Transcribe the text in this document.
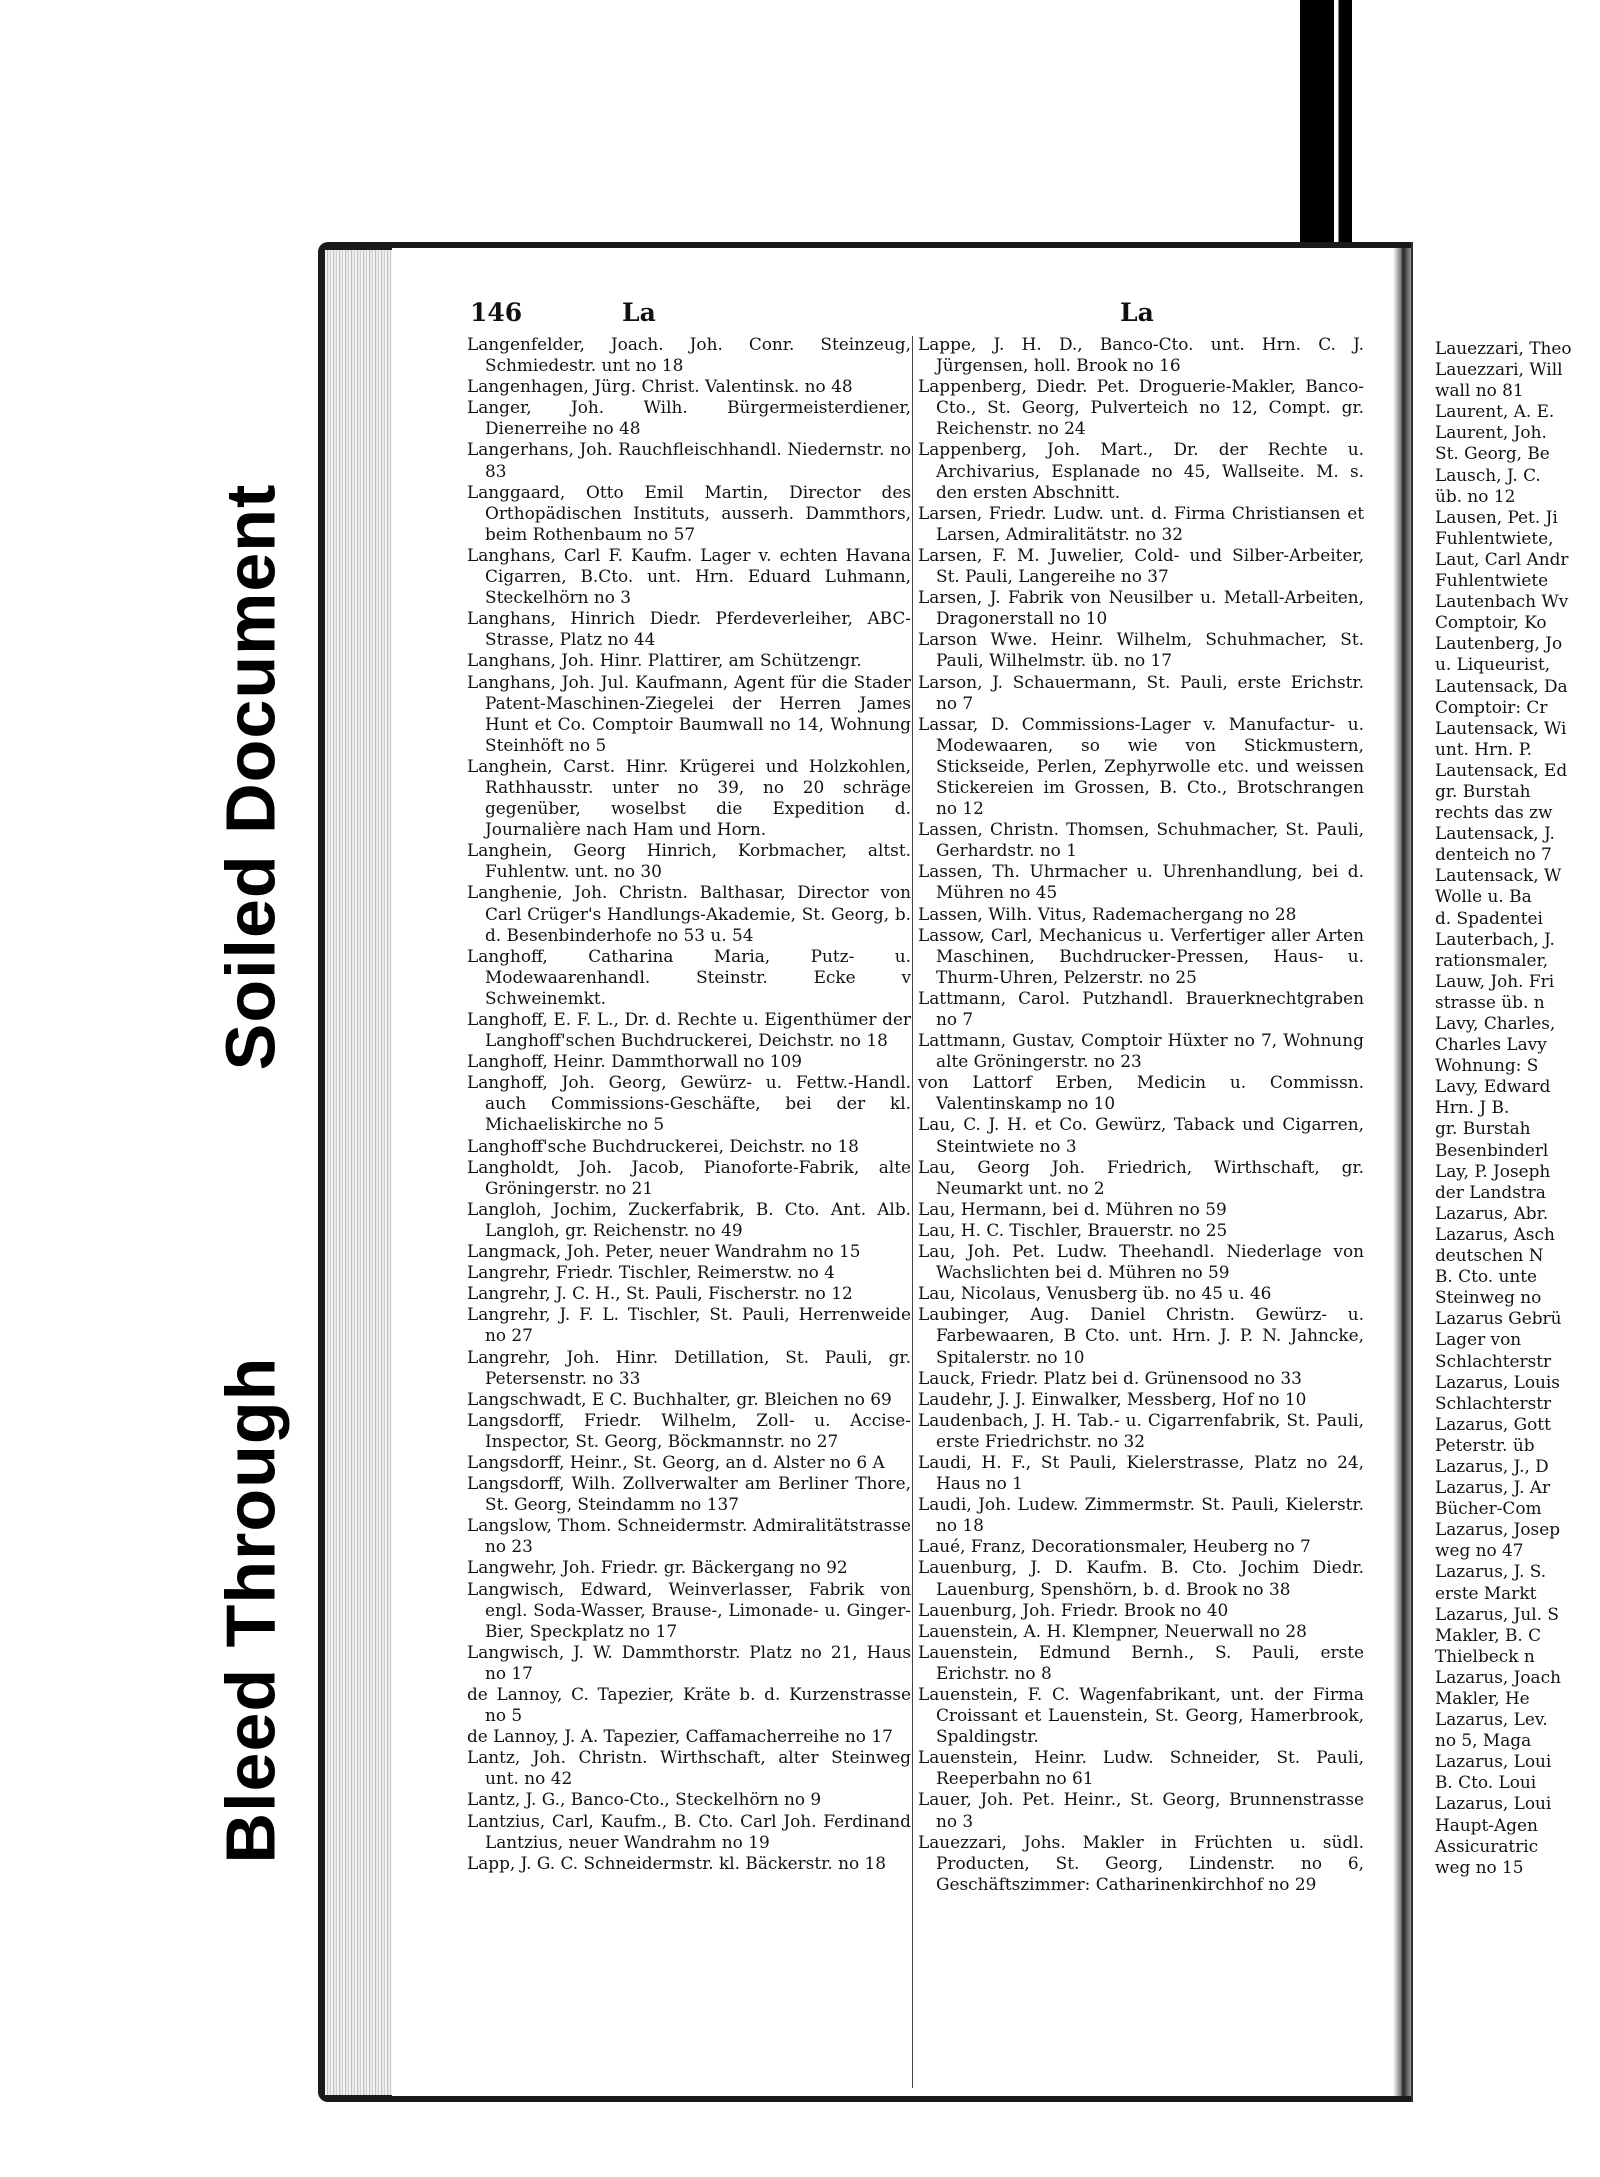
Soiled Document
Bleed Through
146	La	La

Langenfelder, Joach. Joh. Conr. Steinzeug, Schmiedestr. unt no 18

Langenhagen, Jürg. Christ. Valentinsk. no 48

Langer, Joh. Wilh. Bürgermeisterdiener, Dienerreihe no 48

Langerhans, Joh. Rauchfleischhandl. Niedernstr. no 83

Langgaard, Otto Emil Martin, Director des Orthopädischen Instituts, ausserh. Dammthors, beim Rothenbaum no 57

Langhans, Carl F. Kaufm. Lager v. echten Havana Cigarren, B.Cto. unt. Hrn. Eduard Luhmann, Steckelhörn no 3

Langhans, Hinrich Diedr. Pferdeverleiher, ABC-Strasse, Platz no 44

Langhans, Joh. Hinr. Plattirer, am Schützengr.

Langhans, Joh. Jul. Kaufmann, Agent für die Stader Patent-Maschinen-Ziegelei der Herren James Hunt et Co. Comptoir Baumwall no 14, Wohnung Steinhöft no 5

Langhein, Carst. Hinr. Krügerei und Holzkohlen, Rathhausstr. unter no 39, no 20 schräge gegenüber, woselbst die Expedition d. Journalière nach Ham und Horn.

Langhein, Georg Hinrich, Korbmacher, altst. Fuhlentw. unt. no 30

Langhenie, Joh. Christn. Balthasar, Director von Carl Crüger's Handlungs-Akademie, St. Georg, b. d. Besenbinderhofe no 53 u. 54

Langhoff, Catharina Maria, Putz- u. Modewaarenhandl. Steinstr. Ecke v Schweinemkt.

Langhoff, E. F. L., Dr. d. Rechte u. Eigenthümer der Langhoff'schen Buchdruckerei, Deichstr. no 18

Langhoff, Heinr. Dammthorwall no 109

Langhoff, Joh. Georg, Gewürz- u. Fettw.-Handl. auch Commissions-Geschäfte, bei der kl. Michaeliskirche no 5

Langhoff'sche Buchdruckerei, Deichstr. no 18

Langholdt, Joh. Jacob, Pianoforte-Fabrik, alte Gröningerstr. no 21

Langloh, Jochim, Zuckerfabrik, B. Cto. Ant. Alb. Langloh, gr. Reichenstr. no 49

Langmack, Joh. Peter, neuer Wandrahm no 15

Langrehr, Friedr. Tischler, Reimerstw. no 4

Langrehr, J. C. H., St. Pauli, Fischerstr. no 12

Langrehr, J. F. L. Tischler, St. Pauli, Herrenweide no 27

Langrehr, Joh. Hinr. Detillation, St. Pauli, gr. Petersenstr. no 33

Langschwadt, E C. Buchhalter, gr. Bleichen no 69

Langsdorff, Friedr. Wilhelm, Zoll- u. Accise-Inspector, St. Georg, Böckmannstr. no 27

Langsdorff, Heinr., St. Georg, an d. Alster no 6 A

Langsdorff, Wilh. Zollverwalter am Berliner Thore, St. Georg, Steindamm no 137

Langslow, Thom. Schneidermstr. Admiralitätstrasse no 23

Langwehr, Joh. Friedr. gr. Bäckergang no 92

Langwisch, Edward, Weinverlasser, Fabrik von engl. Soda-Wasser, Brause-, Limonade- u. Ginger-Bier, Speckplatz no 17

Langwisch, J. W. Dammthorstr. Platz no 21, Haus no 17

de Lannoy, C. Tapezier, Kräte b. d. Kurzenstrasse no 5

de Lannoy, J. A. Tapezier, Caffamacherreihe no 17

Lantz, Joh. Christn. Wirthschaft, alter Steinweg unt. no 42

Lantz, J. G., Banco-Cto., Steckelhörn no 9

Lantzius, Carl, Kaufm., B. Cto. Carl Joh. Ferdinand Lantzius, neuer Wandrahm no 19

Lapp, J. G. C. Schneidermstr. kl. Bäckerstr. no 18

Lappe, J. H. D., Banco-Cto. unt. Hrn. C. J. Jürgensen, holl. Brook no 16

Lappenberg, Diedr. Pet. Droguerie-Makler, Banco-Cto., St. Georg, Pulverteich no 12, Compt. gr. Reichenstr. no 24

Lappenberg, Joh. Mart., Dr. der Rechte u. Archivarius, Esplanade no 45, Wallseite. M. s. den ersten Abschnitt.

Larsen, Friedr. Ludw. unt. d. Firma Christiansen et Larsen, Admiralitätstr. no 32

Larsen, F. M. Juwelier, Cold- und Silber-Arbeiter, St. Pauli, Langereihe no 37

Larsen, J. Fabrik von Neusilber u. Metall-Arbeiten, Dragonerstall no 10

Larson Wwe. Heinr. Wilhelm, Schuhmacher, St. Pauli, Wilhelmstr. üb. no 17

Larson, J. Schauermann, St. Pauli, erste Erichstr. no 7

Lassar, D. Commissions-Lager v. Manufactur- u. Modewaaren, so wie von Stickmustern, Stickseide, Perlen, Zephyrwolle etc. und weissen Stickereien im Grossen, B. Cto., Brotschrangen no 12

Lassen, Christn. Thomsen, Schuhmacher, St. Pauli, Gerhardstr. no 1

Lassen, Th. Uhrmacher u. Uhrenhandlung, bei d. Mühren no 45

Lassen, Wilh. Vitus, Rademachergang no 28

Lassow, Carl, Mechanicus u. Verfertiger aller Arten Maschinen, Buchdrucker-Pressen, Haus- u. Thurm-Uhren, Pelzerstr. no 25

Lattmann, Carol. Putzhandl. Brauerknechtgraben no 7

Lattmann, Gustav, Comptoir Hüxter no 7, Wohnung alte Gröningerstr. no 23

von Lattorf Erben, Medicin u. Commissn. Valentinskamp no 10

Lau, C. J. H. et Co. Gewürz, Taback und Cigarren, Steintwiete no 3

Lau, Georg Joh. Friedrich, Wirthschaft, gr. Neumarkt unt. no 2

Lau, Hermann, bei d. Mühren no 59

Lau, H. C. Tischler, Brauerstr. no 25

Lau, Joh. Pet. Ludw. Theehandl. Niederlage von Wachslichten bei d. Mühren no 59

Lau, Nicolaus, Venusberg üb. no 45 u. 46

Laubinger, Aug. Daniel Christn. Gewürz- u. Farbewaaren, B Cto. unt. Hrn. J. P. N. Jahncke, Spitalerstr. no 10

Lauck, Friedr. Platz bei d. Grünensood no 33

Laudehr, J. J. Einwalker, Messberg, Hof no 10

Laudenbach, J. H. Tab.- u. Cigarrenfabrik, St. Pauli, erste Friedrichstr. no 32

Laudi, H. F., St Pauli, Kielerstrasse, Platz no 24, Haus no 1

Laudi, Joh. Ludew. Zimmermstr. St. Pauli, Kielerstr. no 18

Laué, Franz, Decorationsmaler, Heuberg no 7

Lauenburg, J. D. Kaufm. B. Cto. Jochim Diedr. Lauenburg, Spenshörn, b. d. Brook no 38

Lauenburg, Joh. Friedr. Brook no 40

Lauenstein, A. H. Klempner, Neuerwall no 28

Lauenstein, Edmund Bernh., S. Pauli, erste Erichstr. no 8

Lauenstein, F. C. Wagenfabrikant, unt. der Firma Croissant et Lauenstein, St. Georg, Hamerbrook, Spaldingstr.

Lauenstein, Heinr. Ludw. Schneider, St. Pauli, Reeperbahn no 61

Lauer, Joh. Pet. Heinr., St. Georg, Brunnenstrasse no 3

Lauezzari, Johs. Makler in Früchten u. südl. Producten, St. Georg, Lindenstr. no 6, Geschäftszimmer: Catharinenkirchhof no 29

Lauezzari, Theo

Lauezzari, Will

wall no 81

Laurent, A. E.

Laurent, Joh.

St. Georg, Be

Lausch, J. C.

üb. no 12

Lausen, Pet. Ji

Fuhlentwiete,

Laut, Carl Andr

Fuhlentwiete

Lautenbach Wv

Comptoir, Ko

Lautenberg, Jo

u. Liqueurist,

Lautensack, Da

Comptoir: Cr

Lautensack, Wi

unt. Hrn. P.

Lautensack, Ed

gr. Burstah

rechts das zw

Lautensack, J.

denteich no 7

Lautensack, W

Wolle u. Ba

d. Spadentei

Lauterbach, J.

rationsmaler,

Lauw, Joh. Fri

strasse üb. n

Lavy, Charles,

Charles Lavy

Wohnung: S

Lavy, Edward

Hrn. J B.

gr. Burstah

Besenbinderl

Lay, P. Joseph

der Landstra

Lazarus, Abr.

Lazarus, Asch

deutschen N

B. Cto. unte

Steinweg no

Lazarus Gebrü

Lager von

Schlachterstr

Lazarus, Louis

Schlachterstr

Lazarus, Gott

Peterstr. üb

Lazarus, J., D

Lazarus, J. Ar

Bücher-Com

Lazarus, Josep

weg no 47

Lazarus, J. S.

erste Markt

Lazarus, Jul. S

Makler, B. C

Thielbeck n

Lazarus, Joach

Makler, He

Lazarus, Lev.

no 5, Maga

Lazarus, Loui

B. Cto. Loui

Lazarus, Loui

Haupt-Agen

Assicuratric

weg no 15
